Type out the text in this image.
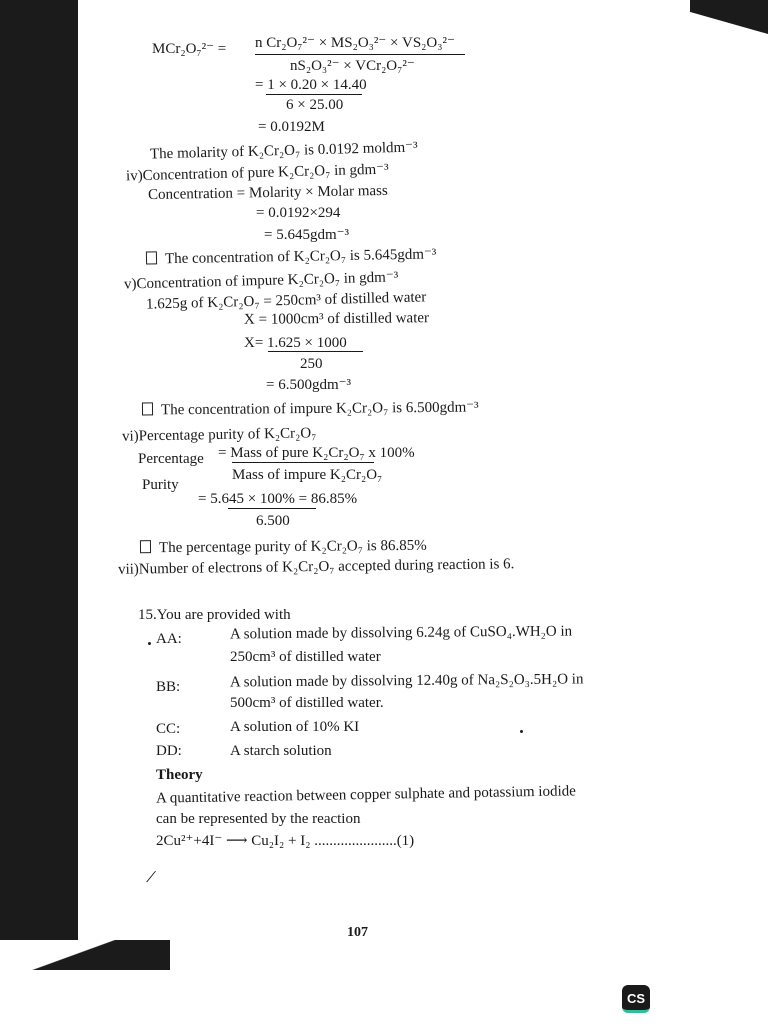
MCr₂O₇²⁻ = n Cr₂O₇²⁻ × MS₂O₃²⁻ × VS₂O₃²⁻
nS₂O₃²⁻ × VCr₂O₇²⁻
= 1 × 0.20 × 14.40
6 × 25.00
= 0.0192M
The molarity of K₂Cr₂O₇ is 0.0192 moldm⁻³
iv)Concentration of pure K₂Cr₂O₇ in gdm⁻³
Concentration = Molarity × Molar mass
= 0.0192×294
= 5.645gdm⁻³
The concentration of K₂Cr₂O₇ is 5.645gdm⁻³
v)Concentration of impure K₂Cr₂O₇ in gdm⁻³
1.625g of K₂Cr₂O₇ = 250cm³ of distilled water
X = 1000cm³ of distilled water
X= 1.625 × 1000
250
= 6.500gdm⁻³
The concentration of impure K₂Cr₂O₇ is 6.500gdm⁻³
vi)Percentage purity of K₂Cr₂O₇
Percentage = Mass of pure K₂Cr₂O₇ x 100%
Purity
Mass of impure K₂Cr₂O₇
= 5.645 × 100% = 86.85%
6.500
The percentage purity of K₂Cr₂O₇ is 86.85%
vii)Number of electrons of K₂Cr₂O₇ accepted during reaction is 6.
15.You are provided with
AA:	A solution made by dissolving 6.24g of CuSO₄.WH₂O in
250cm³ of distilled water
BB:	A solution made by dissolving 12.40g of Na₂S₂O₃.5H₂O in
500cm³ of distilled water.
CC:	A solution of 10% KI
DD:	A starch solution
Theory
A quantitative reaction between copper sulphate and potassium iodide
can be represented by the reaction
2Cu²⁺+4I⁻ ⟶ Cu₂I₂ + I₂ ......................(1)
/
107
CS
